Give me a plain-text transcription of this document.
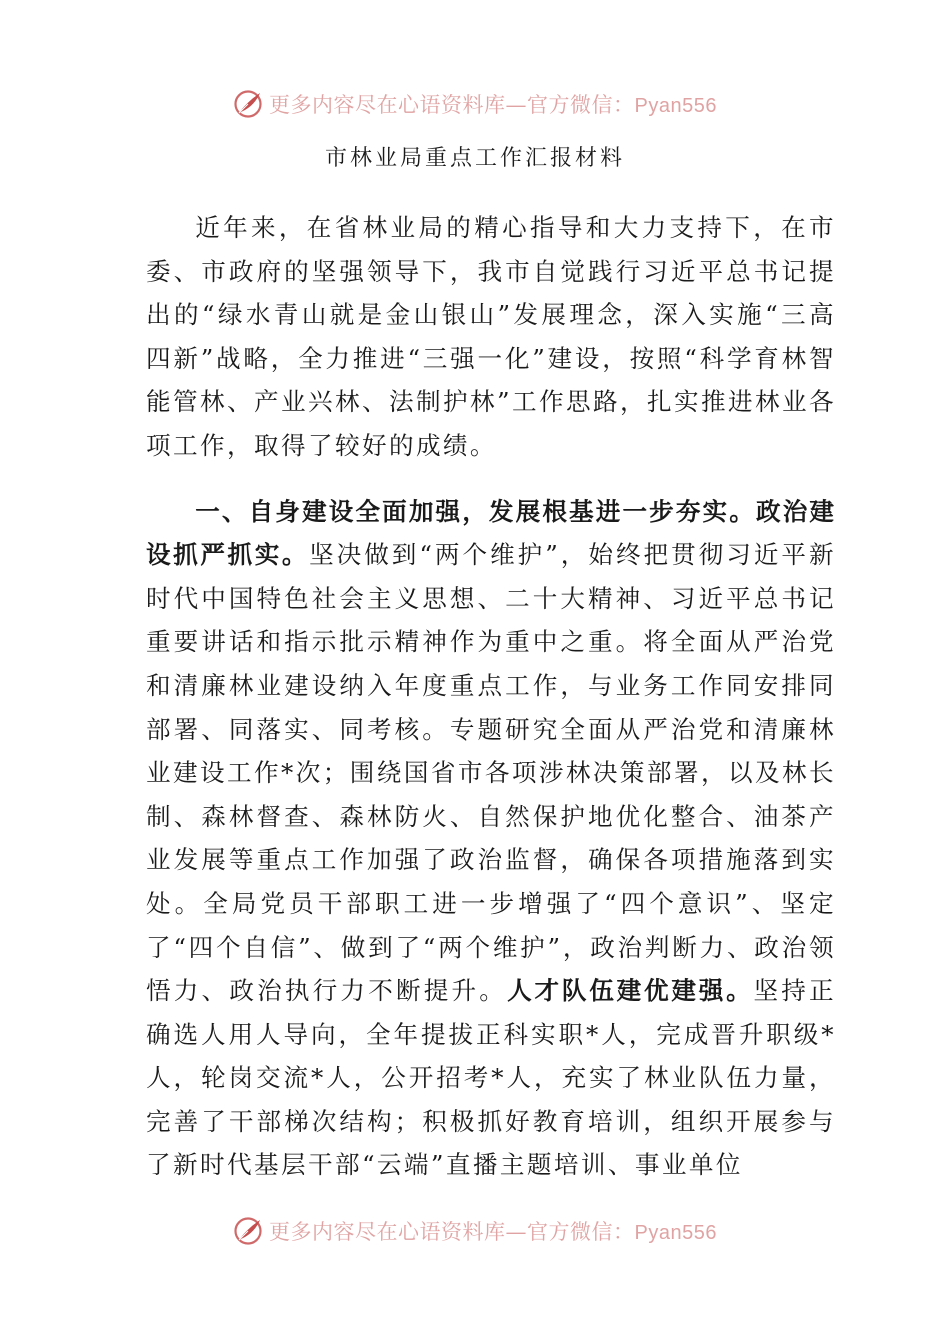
更多内容尽在心语资料库—官方微信：Pyan556
市林业局重点工作汇报材料

近年来，在省林业局的精心指导和大力支持下，在市委、市政府的坚强领导下，我市自觉践行习近平总书记提出的“绿水青山就是金山银山”发展理念，深入实施“三高四新”战略，全力推进“三强一化”建设，按照“科学育林智能管林、产业兴林、法制护林”工作思路，扎实推进林业各项工作，取得了较好的成绩。

一、自身建设全面加强，发展根基进一步夯实。政治建设抓严抓实。坚决做到“两个维护”，始终把贯彻习近平新时代中国特色社会主义思想、二十大精神、习近平总书记重要讲话和指示批示精神作为重中之重。将全面从严治党和清廉林业建设纳入年度重点工作，与业务工作同安排同部署、同落实、同考核。专题研究全面从严治党和清廉林业建设工作*次；围绕国省市各项涉林决策部署，以及林长制、森林督查、森林防火、自然保护地优化整合、油茶产业发展等重点工作加强了政治监督，确保各项措施落到实处。全局党员干部职工进一步增强了“四个意识”、坚定了“四个自信”、做到了“两个维护”，政治判断力、政治领悟力、政治执行力不断提升。人才队伍建优建强。坚持正确选人用人导向，全年提拔正科实职*人，完成晋升职级*人，轮岗交流*人，公开招考*人，充实了林业队伍力量，完善了干部梯次结构；积极抓好教育培训，组织开展参与了新时代基层干部“云端”直播主题培训、事业单位

更多内容尽在心语资料库—官方微信：Pyan556
